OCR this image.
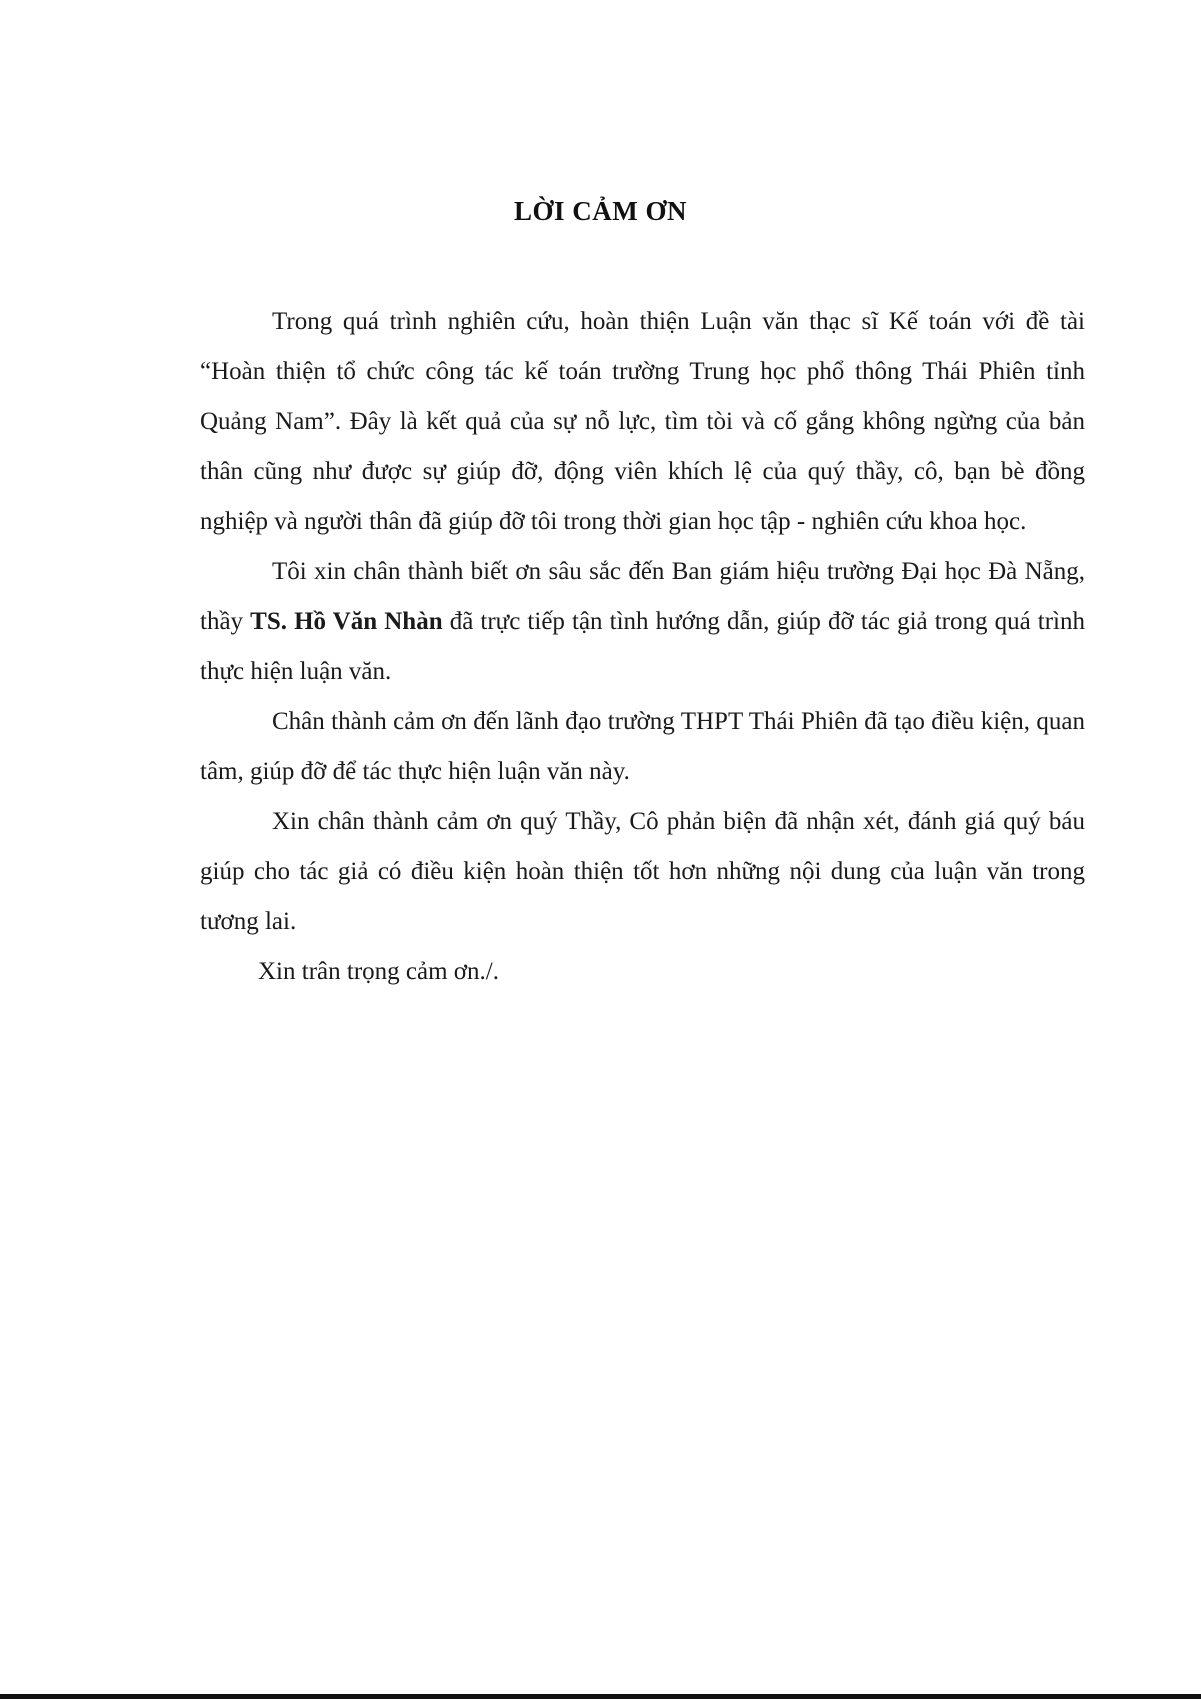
LỜI CẢM ƠN

Trong quá trình nghiên cứu, hoàn thiện Luận văn thạc sĩ Kế toán với đề tài “Hoàn thiện tổ chức công tác kế toán trường Trung học phổ thông Thái Phiên tỉnh Quảng Nam”. Đây là kết quả của sự nỗ lực, tìm tòi và cố gắng không ngừng của bản thân cũng như được sự giúp đỡ, động viên khích lệ của quý thầy, cô, bạn bè đồng nghiệp và người thân đã giúp đỡ tôi trong thời gian học tập - nghiên cứu khoa học.

Tôi xin chân thành biết ơn sâu sắc đến Ban giám hiệu trường Đại học Đà Nẵng, thầy TS. Hồ Văn Nhàn đã trực tiếp tận tình hướng dẫn, giúp đỡ tác giả trong quá trình thực hiện luận văn.

Chân thành cảm ơn đến lãnh đạo trường THPT Thái Phiên đã tạo điều kiện, quan tâm, giúp đỡ để tác thực hiện luận văn này.

Xin chân thành cảm ơn quý Thầy, Cô phản biện đã nhận xét, đánh giá quý báu giúp cho tác giả có điều kiện hoàn thiện tốt hơn những nội dung của luận văn trong tương lai.

Xin trân trọng cảm ơn./.
